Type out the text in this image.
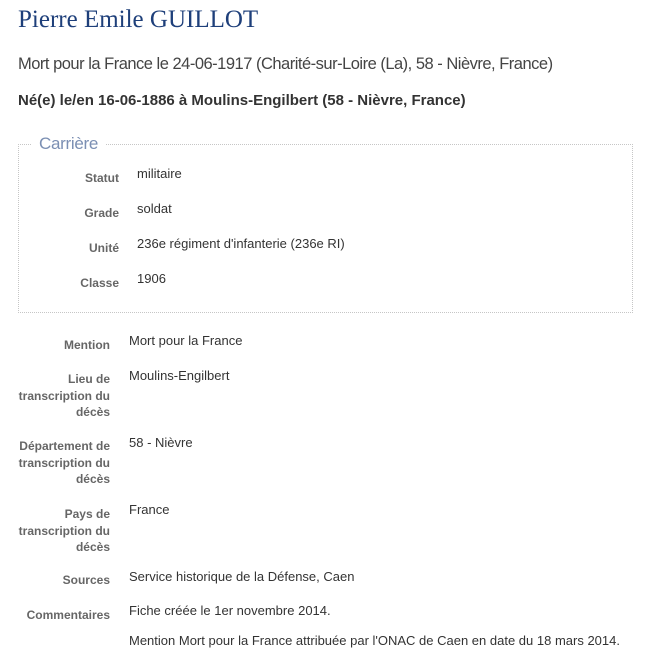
Pierre Emile GUILLOT
Mort pour la France le 24-06-1917 (Charité-sur-Loire (La), 58 - Nièvre, France)
Né(e) le/en 16-06-1886 à Moulins-Engilbert (58 - Nièvre, France)
Carrière
Statut militaire
Grade soldat
Unité 236e régiment d'infanterie (236e RI)
Classe 1906
Mention Mort pour la France
Lieu de
transcription du
décès
Moulins-Engilbert
Département de
transcription du
décès
58 - Nièvre
Pays de
transcription du
décès
France
Sources Service historique de la Défense, Caen
Commentaires Fiche créée le 1er novembre 2014.
Mention Mort pour la France attribuée par l'ONAC de Caen en date du 18 mars 2014.
